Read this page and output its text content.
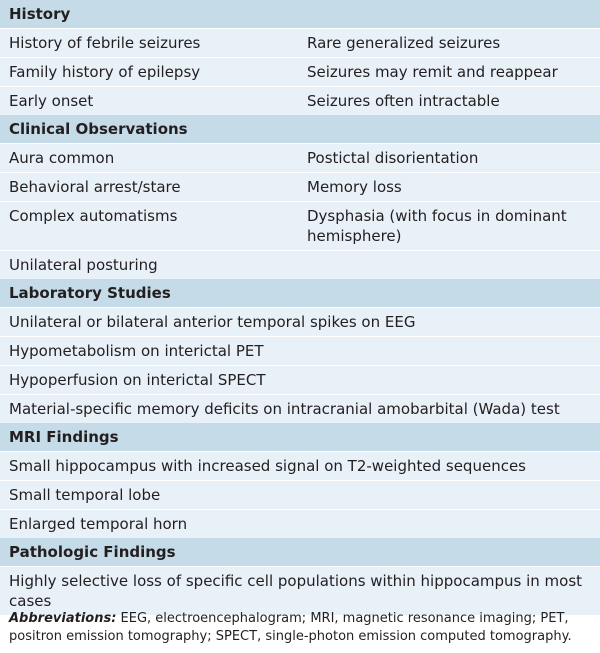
History
History of febrile seizures	Rare generalized seizures
Family history of epilepsy	Seizures may remit and reappear
Early onset	Seizures often intractable
Clinical Observations
Aura common	Postictal disorientation
Behavioral arrest/stare	Memory loss
Complex automatisms	Dysphasia (with focus in dominant hemisphere)
Unilateral posturing
Laboratory Studies
Unilateral or bilateral anterior temporal spikes on EEG
Hypometabolism on interictal PET
Hypoperfusion on interictal SPECT
Material-specific memory deficits on intracranial amobarbital (Wada) test
MRI Findings
Small hippocampus with increased signal on T2-weighted sequences
Small temporal lobe
Enlarged temporal horn
Pathologic Findings
Highly selective loss of specific cell populations within hippocampus in most cases
Abbreviations: EEG, electroencephalogram; MRI, magnetic resonance imaging; PET, positron emission tomography; SPECT, single-photon emission computed tomography.
